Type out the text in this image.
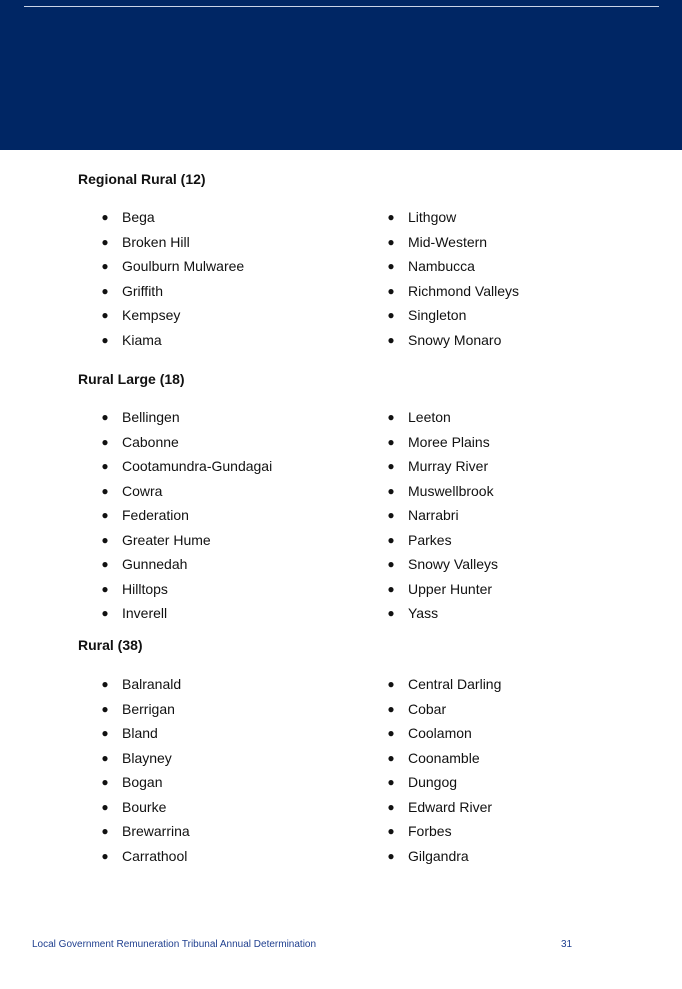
Regional Rural (12)
● Bega
● Broken Hill
● Goulburn Mulwaree
● Griffith
● Kempsey
● Kiama
● Lithgow
● Mid-Western
● Nambucca
● Richmond Valleys
● Singleton
● Snowy Monaro
Rural Large (18)
● Bellingen
● Cabonne
● Cootamundra-Gundagai
● Cowra
● Federation
● Greater Hume
● Gunnedah
● Hilltops
● Inverell
● Leeton
● Moree Plains
● Murray River
● Muswellbrook
● Narrabri
● Parkes
● Snowy Valleys
● Upper Hunter
● Yass
Rural (38)
● Balranald
● Berrigan
● Bland
● Blayney
● Bogan
● Bourke
● Brewarrina
● Carrathool
● Central Darling
● Cobar
● Coolamon
● Coonamble
● Dungog
● Edward River
● Forbes
● Gilgandra
Local Government Remuneration Tribunal Annual Determination	31
